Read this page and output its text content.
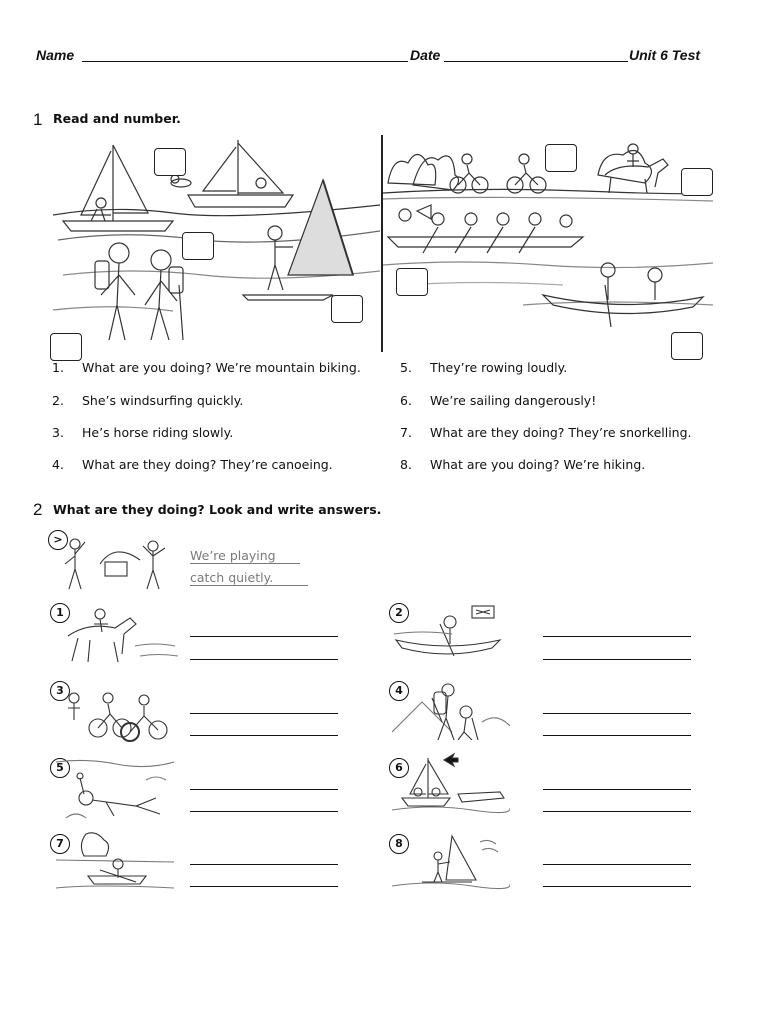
Name	Date	Unit 6 Test
1 Read and number.
1.	What are you doing? We’re mountain biking.
2.	She’s windsurfing quickly.
3.	He’s horse riding slowly.
4.	What are they doing? They’re canoeing.
5.	They’re rowing loudly.
6.	We’re sailing dangerously!
7.	What are they doing? They’re snorkelling.
8.	What are you doing? We’re hiking.
2 What are they doing? Look and write answers.
>
We’re playing
catch quietly.
1	2
3	4
5	6
7	8
